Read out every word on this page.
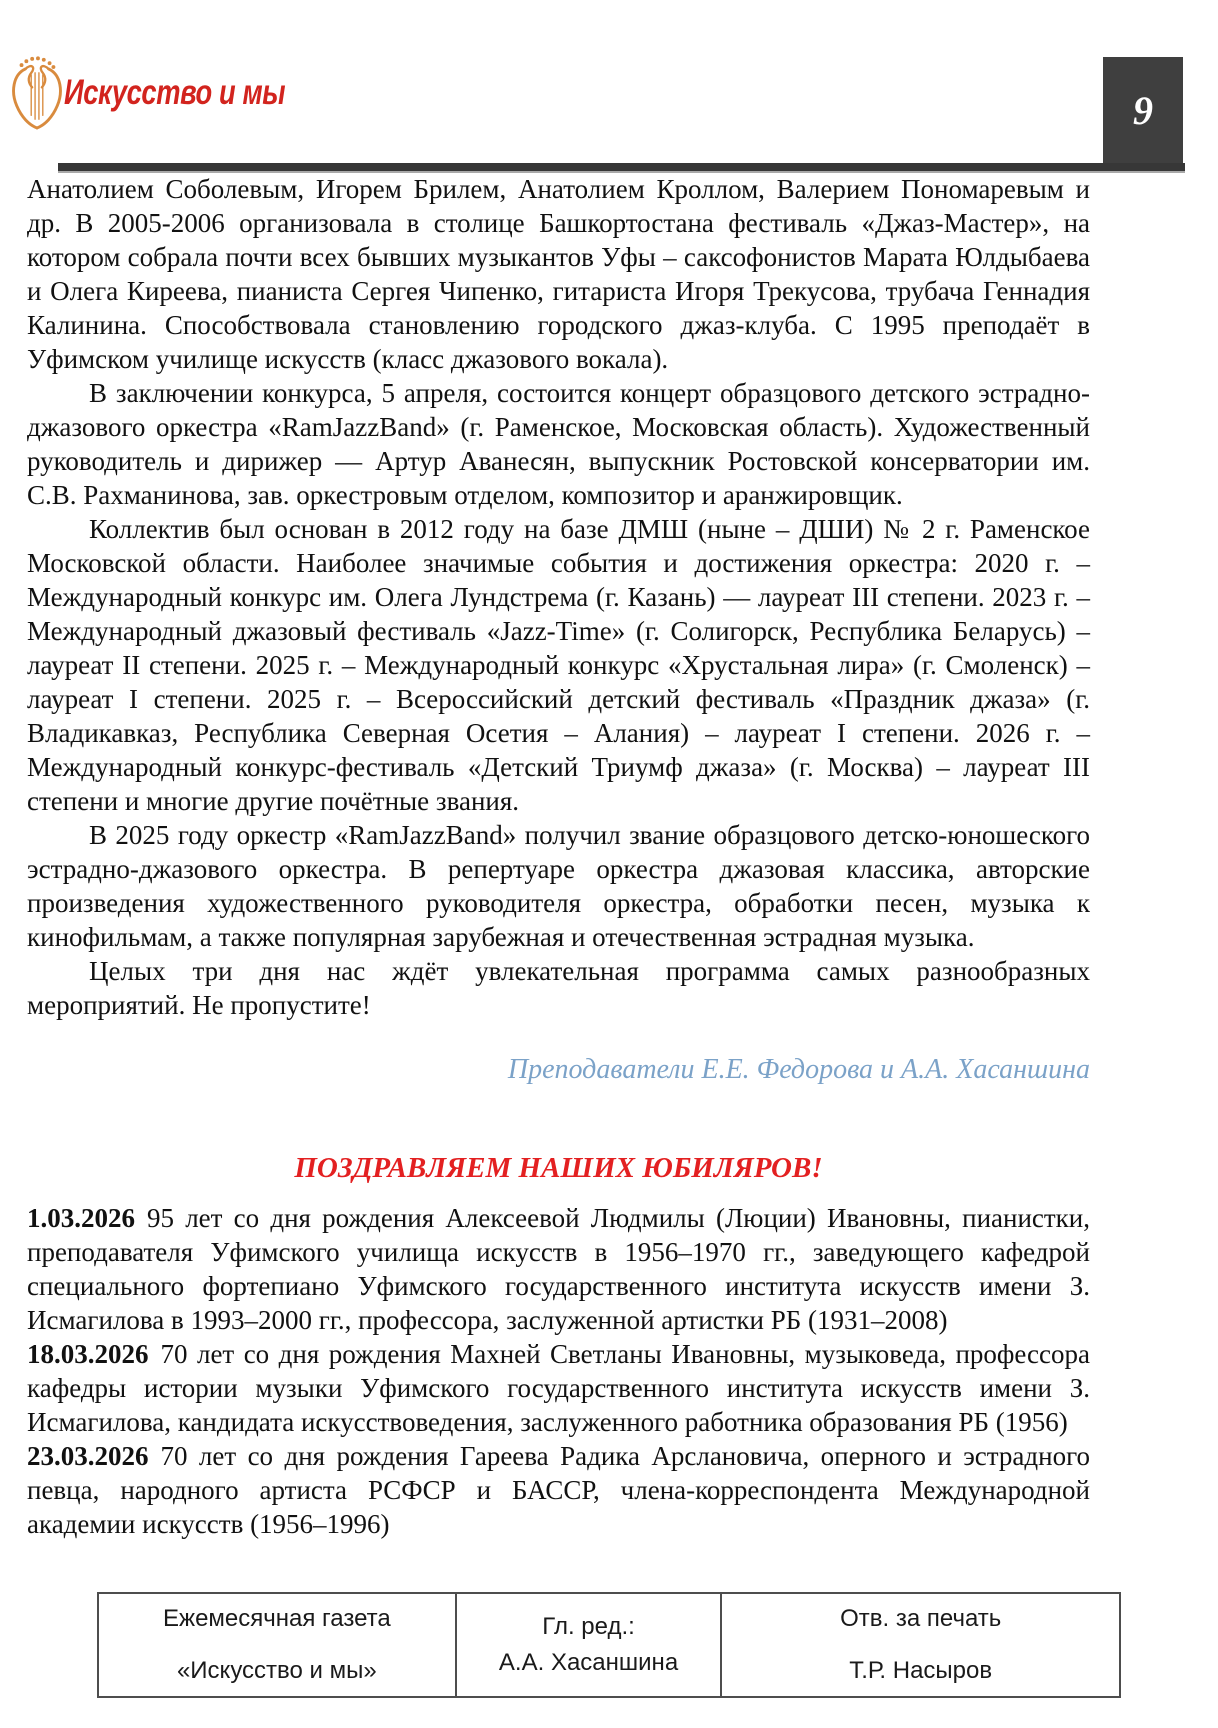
Искусство и мы	9

Анатолием Соболевым, Игорем Брилем, Анатолием Кроллом, Валерием Пономаревым и др. В 2005-2006 организовала в столице Башкортостана фестиваль «Джаз-Мастер», на котором собрала почти всех бывших музыкантов Уфы – саксофонистов Марата Юлдыбаева и Олега Киреева, пианиста Сергея Чипенко, гитариста Игоря Трекусова, трубача Геннадия Калинина. Способствовала становлению городского джаз-клуба. С 1995 преподаёт в Уфимском училище искусств (класс джазового вокала).

В заключении конкурса, 5 апреля, состоится концерт образцового детского эстрадно-джазового оркестра «RamJazzBand» (г. Раменское, Московская область). Художественный руководитель и дирижер — Артур Аванесян, выпускник Ростовской консерватории им. С.В. Рахманинова, зав. оркестровым отделом, композитор и аранжировщик.

Коллектив был основан в 2012 году на базе ДМШ (ныне – ДШИ) № 2 г. Раменское Московской области. Наиболее значимые события и достижения оркестра: 2020 г. – Международный конкурс им. Олега Лундстрема (г. Казань) — лауреат III степени. 2023 г. – Международный джазовый фестиваль «Jazz-Time» (г. Солигорск, Республика Беларусь) – лауреат II степени. 2025 г. – Международный конкурс «Хрустальная лира» (г. Смоленск) – лауреат I степени. 2025 г. – Всероссийский детский фестиваль «Праздник джаза» (г. Владикавказ, Республика Северная Осетия – Алания) – лауреат I степени. 2026 г. – Международный конкурс-фестиваль «Детский Триумф джаза» (г. Москва) – лауреат III степени и многие другие почётные звания.

В 2025 году оркестр «RamJazzBand» получил звание образцового детско-юношеского эстрадно-джазового оркестра. В репертуаре оркестра джазовая классика, авторские произведения художественного руководителя оркестра, обработки песен, музыка к кинофильмам, а также популярная зарубежная и отечественная эстрадная музыка.

Целых три дня нас ждёт увлекательная программа самых разнообразных мероприятий. Не пропустите!

Преподаватели Е.Е. Федорова и А.А. Хасаншина

ПОЗДРАВЛЯЕМ НАШИХ ЮБИЛЯРОВ!

1.03.2026 95 лет со дня рождения Алексеевой Людмилы (Люции) Ивановны, пианистки, преподавателя Уфимского училища искусств в 1956–1970 гг., заведующего кафедрой специального фортепиано Уфимского государственного института искусств имени З. Исмагилова в 1993–2000 гг., профессора, заслуженной артистки РБ (1931–2008)

18.03.2026 70 лет со дня рождения Махней Светланы Ивановны, музыковеда, профессора кафедры истории музыки Уфимского государственного института искусств имени З. Исмагилова, кандидата искусствоведения, заслуженного работника образования РБ (1956)

23.03.2026 70 лет со дня рождения Гареева Радика Арслановича, оперного и эстрадного певца, народного артиста РСФСР и БАССР, члена-корреспондента Международной академии искусств (1956–1996)

Ежемесячная газета
«Искусство и мы»

Гл. ред.:
А.А. Хасаншина

Отв. за печать
Т.Р. Насыров
